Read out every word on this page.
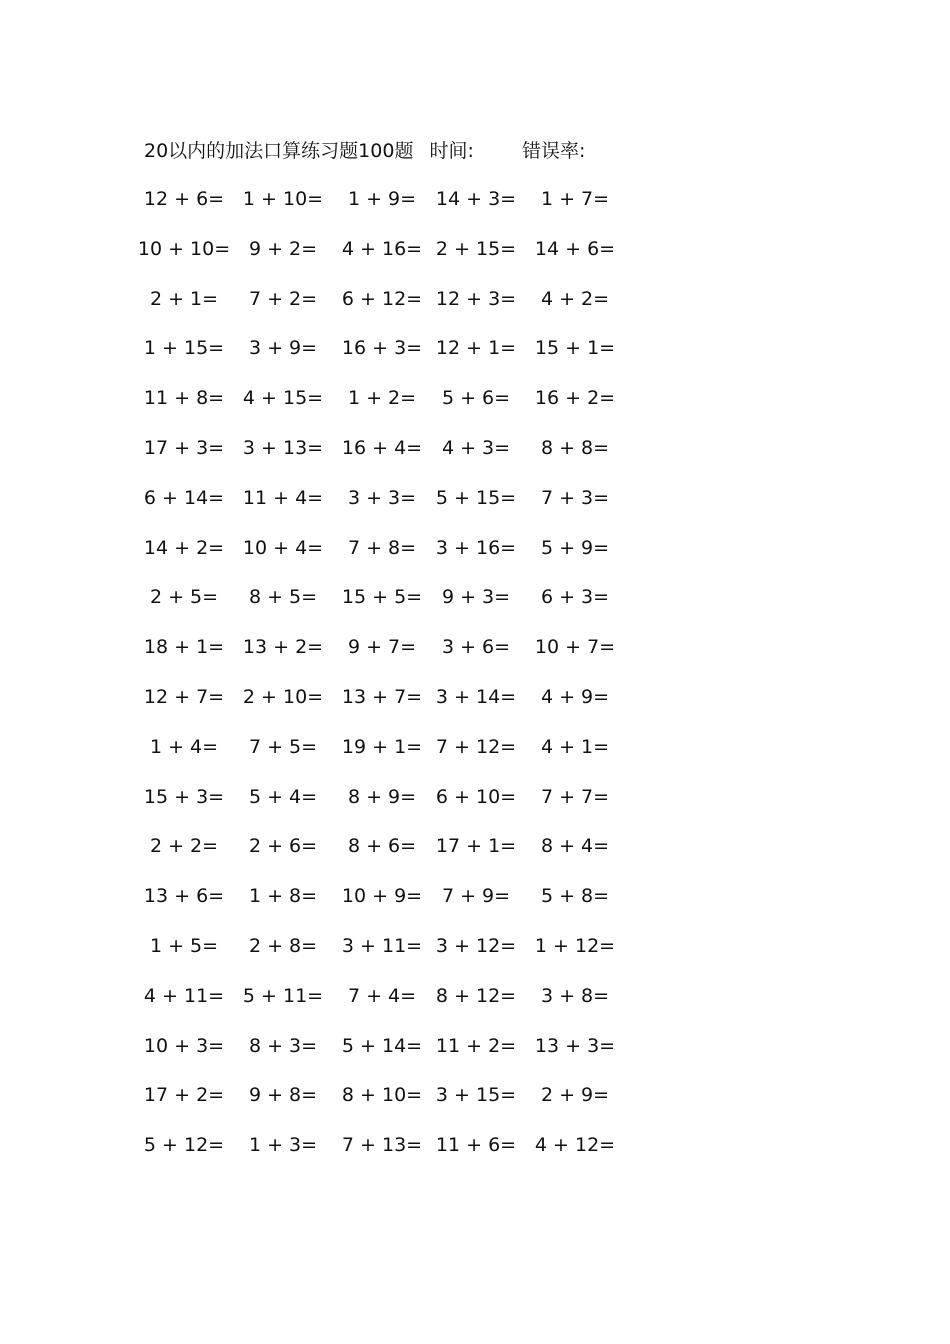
20以内的加法口算练习题100题 时间:	错误率:
12 + 6= 1 + 10=	1 + 9=	14 + 3=	1 + 7=
10 + 10= 9 + 2=	4 + 16= 2 + 15= 14 + 6=
2 + 1=	7 + 2=	6 + 12= 12 + 3=	4 + 2=
1 + 15=	3 + 9=	16 + 3= 12 + 1= 15 + 1=
11 + 8= 4 + 15=	1 + 2=	5 + 6=	16 + 2=
17 + 3= 3 + 13= 16 + 4=	4 + 3=	8 + 8=
6 + 14= 11 + 4=	3 + 3=	5 + 15=	7 + 3=
14 + 2= 10 + 4=	7 + 8=	3 + 16=	5 + 9=
2 + 5=	8 + 5=	15 + 5=	9 + 3=	6 + 3=
18 + 1= 13 + 2=	9 + 7=	3 + 6=	10 + 7=
12 + 7= 2 + 10= 13 + 7= 3 + 14=	4 + 9=
1 + 4=	7 + 5=	19 + 1= 7 + 12=	4 + 1=
15 + 3=	5 + 4=	8 + 9=	6 + 10=	7 + 7=
2 + 2=	2 + 6=	8 + 6=	17 + 1=	8 + 4=
13 + 6=	1 + 8=	10 + 9=	7 + 9=	5 + 8=
1 + 5=	2 + 8=	3 + 11= 3 + 12= 1 + 12=
4 + 11= 5 + 11=	7 + 4=	8 + 12=	3 + 8=
10 + 3=	8 + 3=	5 + 14= 11 + 2= 13 + 3=
17 + 2=	9 + 8=	8 + 10= 3 + 15=	2 + 9=
5 + 12=	1 + 3=	7 + 13= 11 + 6= 4 + 12=
